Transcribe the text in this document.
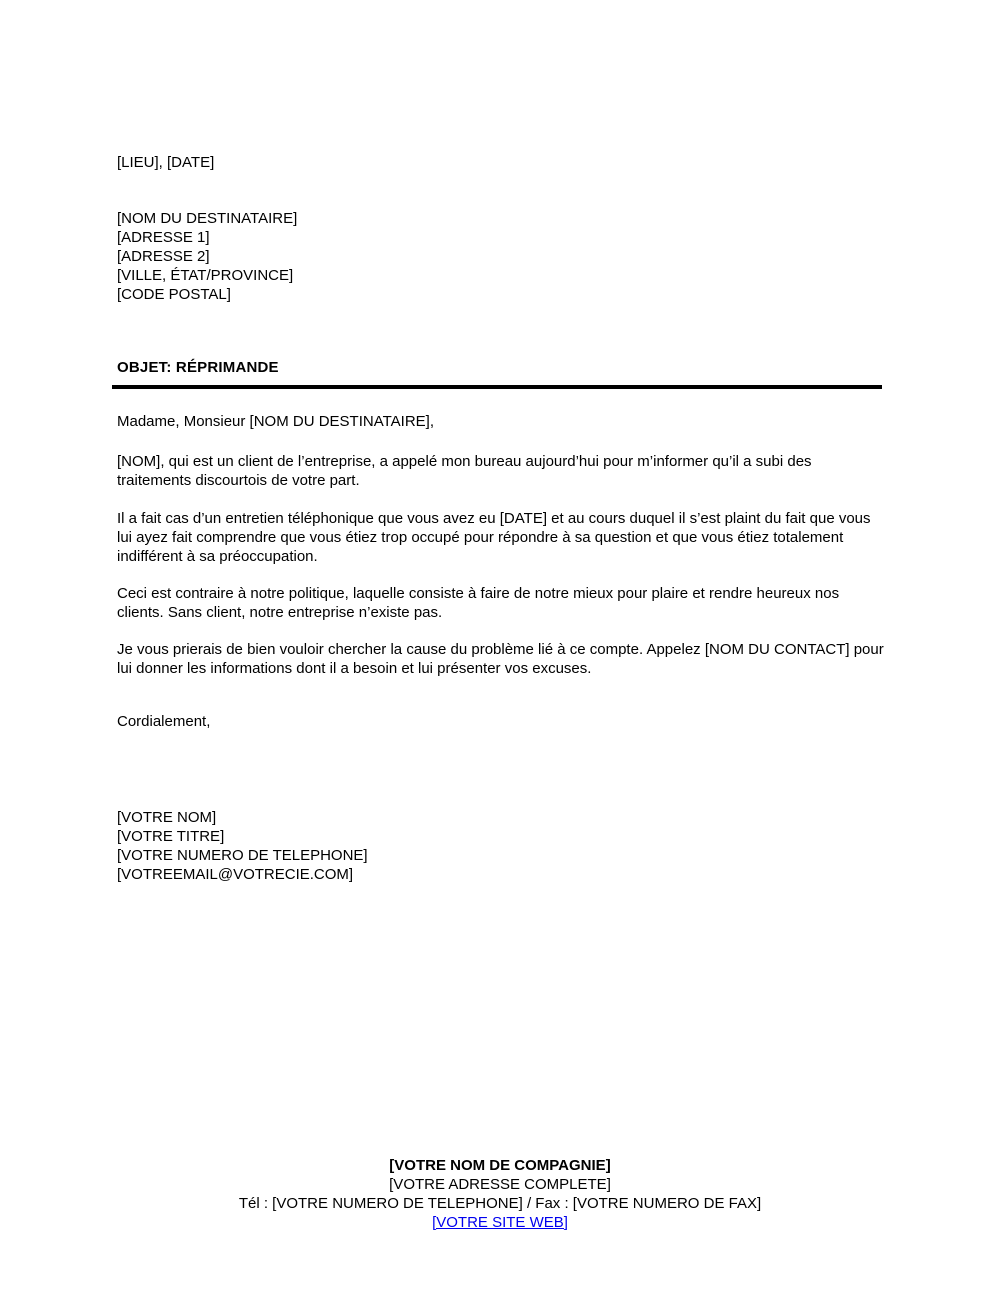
[LIEU], [DATE]
[NOM DU DESTINATAIRE]
[ADRESSE 1]
[ADRESSE 2]
[VILLE, ÉTAT/PROVINCE]
[CODE POSTAL]
OBJET: RÉPRIMANDE
Madame, Monsieur [NOM DU DESTINATAIRE],
[NOM], qui est un client de l’entreprise, a appelé mon bureau aujourd’hui pour m’informer qu’il a subi des traitements discourtois de votre part.
Il a fait cas d’un entretien téléphonique que vous avez eu [DATE] et au cours duquel il s’est plaint du fait que vous lui ayez fait comprendre que vous étiez trop occupé pour répondre à sa question et que vous étiez totalement indifférent à sa préoccupation.
Ceci est contraire à notre politique, laquelle consiste à faire de notre mieux pour plaire et rendre heureux nos clients. Sans client, notre entreprise n’existe pas.
Je vous prierais de bien vouloir chercher la cause du problème lié à ce compte. Appelez [NOM DU CONTACT] pour lui donner les informations dont il a besoin et lui présenter vos excuses.
Cordialement,
[VOTRE NOM]
[VOTRE TITRE]
[VOTRE NUMERO DE TELEPHONE]
[VOTREEMAIL@VOTRECIE.COM]
[VOTRE NOM DE COMPAGNIE]
[VOTRE ADRESSE COMPLETE]
Tél : [VOTRE NUMERO DE TELEPHONE] / Fax : [VOTRE NUMERO DE FAX]
[VOTRE SITE WEB]
